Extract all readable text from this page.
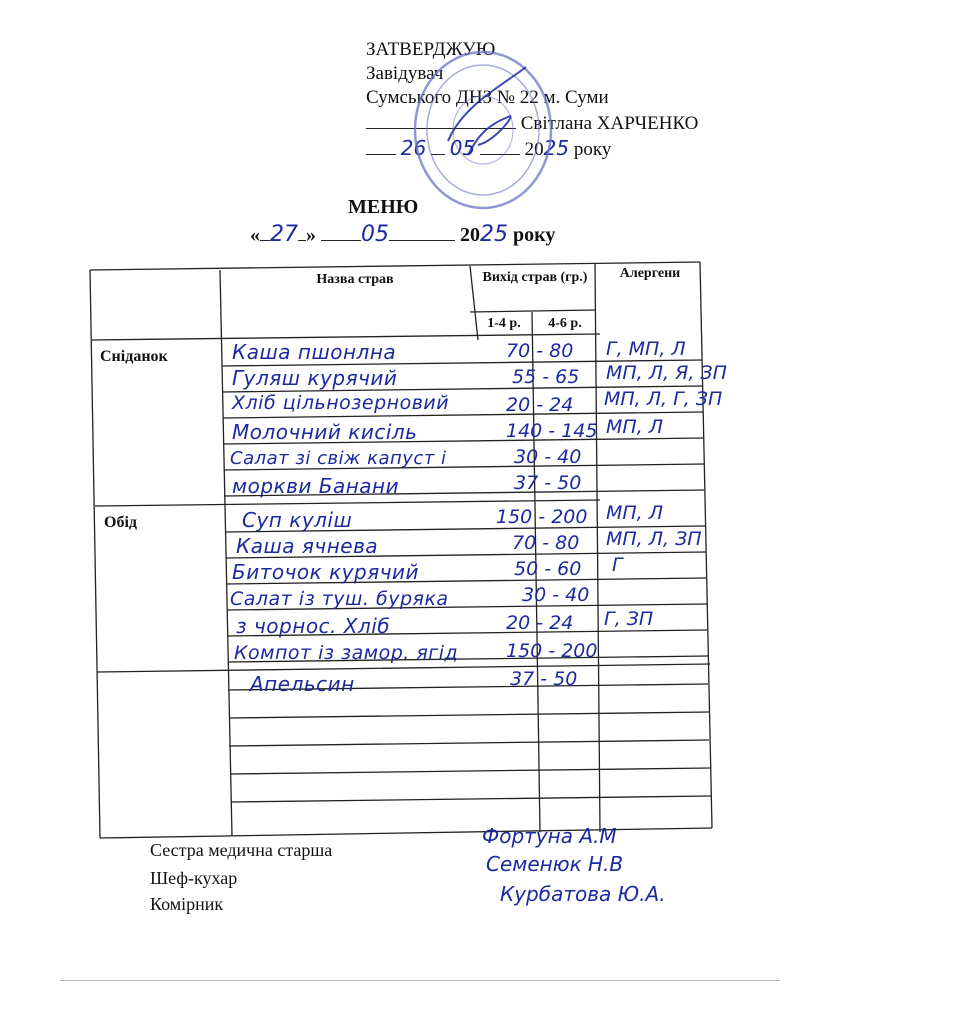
ЗАТВЕРДЖУЮ
Завідувач
Сумського ДНЗ № 22 м. Суми
Світлана ХАРЧЕНКО
26 05	2025 року
МЕНЮ
« 27 » 05	2025 року
Назва страв	Вихід страв (гр.)
1-4 р.	4-6 р.
Алергени
Сніданок
Обід
Каша пшонлна	70 - 80 Г, МП, Л
Гуляш курячий	55 - 65 МП, Л, Я, ЗП
Хліб цільнозерновий	20 - 24 МП, Л, Г, ЗП
Молочний кисіль	140 - 145 МП, Л
Салат зі свіж капуст і	30 - 40
моркви Банани	37 - 50
Суп куліш	150 - 200 МП, Л
Каша ячнева	70 - 80 МП, Л, ЗП
Биточок курячий	50 - 60 Г
Салат із туш. буряка	30 - 40
з чорнос. Хліб	20 - 24 Г, ЗП
Компот із замор. ягід	150 - 200
Апельсин	37 - 50
Сестра медична старша
Фортуна А.М
Шеф-кухар
Семенюк Н.В
Комірник	Курбатова Ю.А.
